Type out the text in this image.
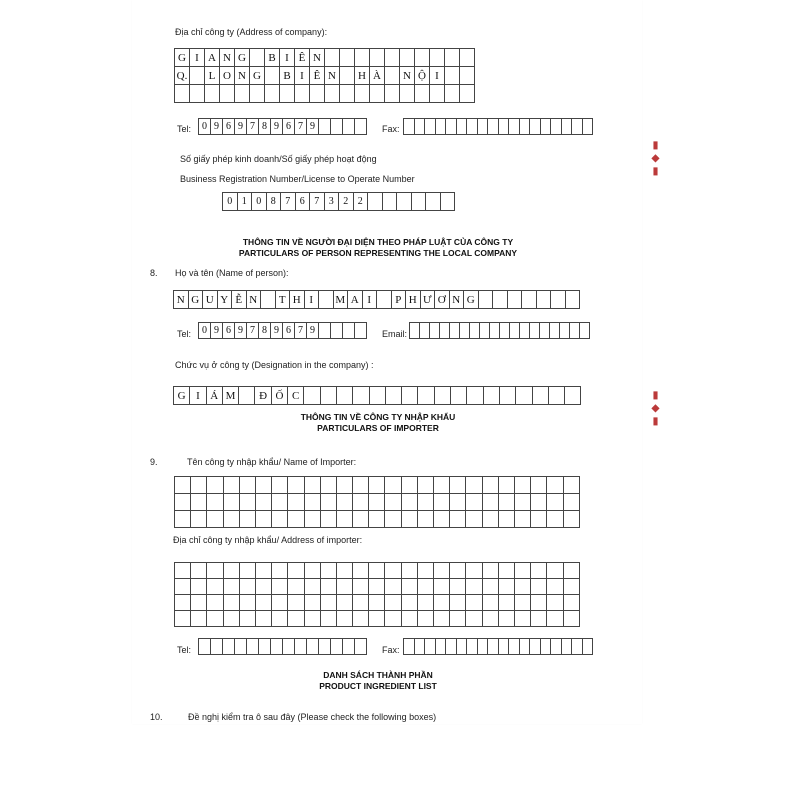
Địa chỉ công ty (Address of company):
G I A N G	B I Ê N
Q.	L O N G	B I Ê N	H À	N Ộ I
Tel:	0 9 6 9 7 8 9 6 7 9	Fax:
Số giấy phép kinh doanh/Số giấy phép hoạt động
Business Registration Number/License to Operate Number
0 1 0 8 7 6 7 3 2 2
THÔNG TIN VỀ NGƯỜI ĐẠI DIỆN THEO PHÁP LUẬT CỦA CÔNG TY
PARTICULARS OF PERSON REPRESENTING THE LOCAL COMPANY
8. Họ và tên (Name of person):
N G U Y Ễ N	T H I	M A I	P H Ư Ơ N G
Tel:	0 9 6 9 7 8 9 6 7 9	Email:
Chức vụ ở công ty (Designation in the company) :
G I Á M	Đ Ố C
THÔNG TIN VỀ CÔNG TY NHẬP KHẨU
PARTICULARS OF IMPORTER
9.	Tên công ty nhập khẩu/ Name of Importer:
Địa chỉ công ty nhập khẩu/ Address of importer:
Tel:	Fax:
DANH SÁCH THÀNH PHẦN
PRODUCT INGREDIENT LIST
10.	Đề nghị kiểm tra ô sau đây (Please check the following boxes)
▮◆▮
▮◆▮
